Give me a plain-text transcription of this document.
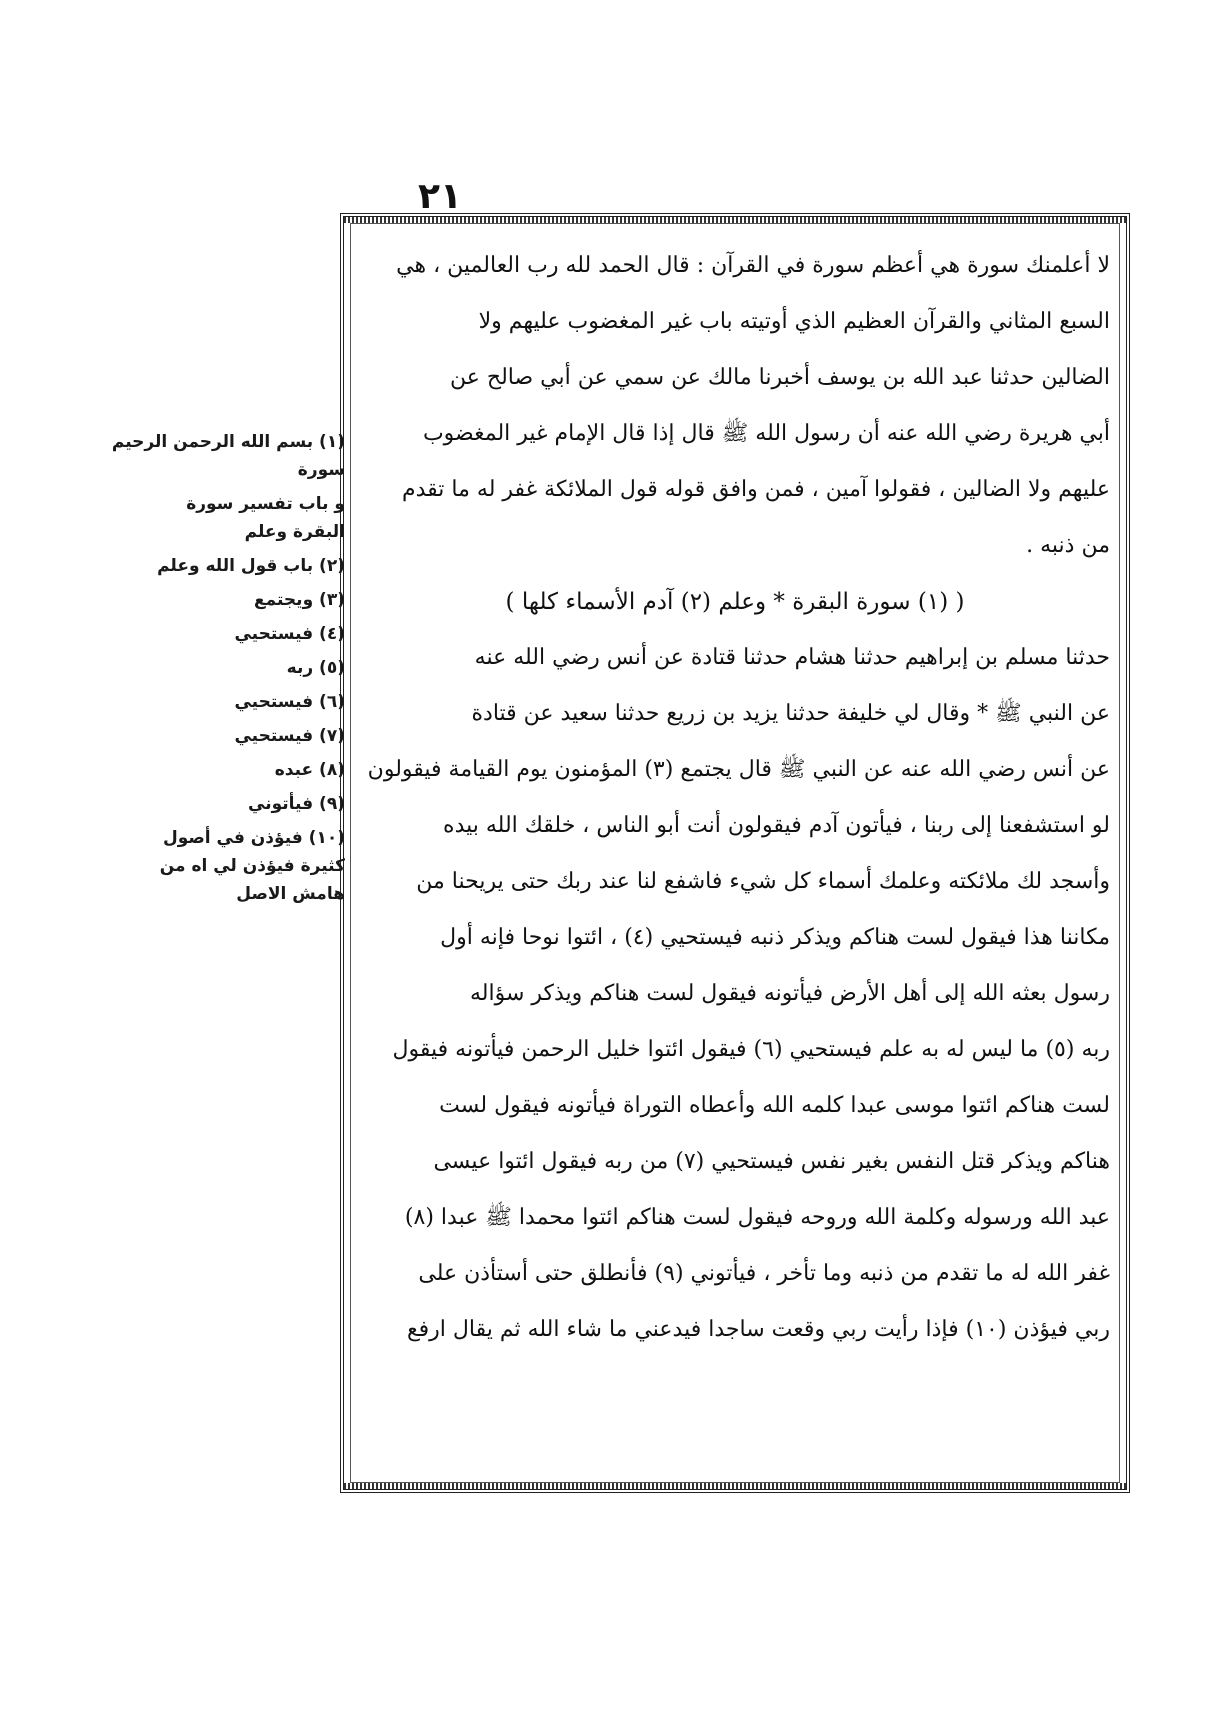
٢١
لا أعلمنك سورة هي أعظم سورة في القرآن : قال الحمد لله رب العالمين ، هي
السبع المثاني والقرآن العظيم الذي أوتيته باب غير المغضوب عليهم ولا
الضالين حدثنا عبد الله بن يوسف أخبرنا مالك عن سمي عن أبي صالح عن
أبي هريرة رضي الله عنه أن رسول الله ﷺ قال إذا قال الإمام غير المغضوب
عليهم ولا الضالين ، فقولوا آمين ، فمن وافق قوله قول الملائكة غفر له ما تقدم
من ذنبه .
( (١) سورة البقرة * وعلم (٢) آدم الأسماء كلها )
حدثنا مسلم بن إبراهيم حدثنا هشام حدثنا قتادة عن أنس رضي الله عنه
عن النبي ﷺ * وقال لي خليفة حدثنا يزيد بن زريع حدثنا سعيد عن قتادة
عن أنس رضي الله عنه عن النبي ﷺ قال يجتمع (٣) المؤمنون يوم القيامة فيقولون
لو استشفعنا إلى ربنا ، فيأتون آدم فيقولون أنت أبو الناس ، خلقك الله بيده
وأسجد لك ملائكته وعلمك أسماء كل شيء فاشفع لنا عند ربك حتى يريحنا من
مكاننا هذا فيقول لست هناكم ويذكر ذنبه فيستحيي (٤) ، ائتوا نوحا فإنه أول
رسول بعثه الله إلى أهل الأرض فيأتونه فيقول لست هناكم ويذكر سؤاله
ربه (٥) ما ليس له به علم فيستحيي (٦) فيقول ائتوا خليل الرحمن فيأتونه فيقول
لست هناكم ائتوا موسى عبدا كلمه الله وأعطاه التوراة فيأتونه فيقول لست
هناكم ويذكر قتل النفس بغير نفس فيستحيي (٧) من ربه فيقول ائتوا عيسى
عبد الله ورسوله وكلمة الله وروحه فيقول لست هناكم ائتوا محمدا ﷺ عبدا (٨)
غفر الله له ما تقدم من ذنبه وما تأخر ، فيأتوني (٩) فأنطلق حتى أستأذن على
ربي فيؤذن (١٠) فإذا رأيت ربي وقعت ساجدا فيدعني ما شاء الله ثم يقال ارفع
(١) بسم الله الرحمن الرحيم
سورة
و باب تفسير سورة
البقرة وعلم
(٢) باب قول الله وعلم
(٣) ويجتمع
(٤) فيستحيي
(٥) ربه
(٦) فيستحيي
(٧) فيستحيي
(٨) عبده
(٩) فيأتوني
(١٠) فيؤذن في أصول
كثيرة فيؤذن لي اه من
هامش الاصل
